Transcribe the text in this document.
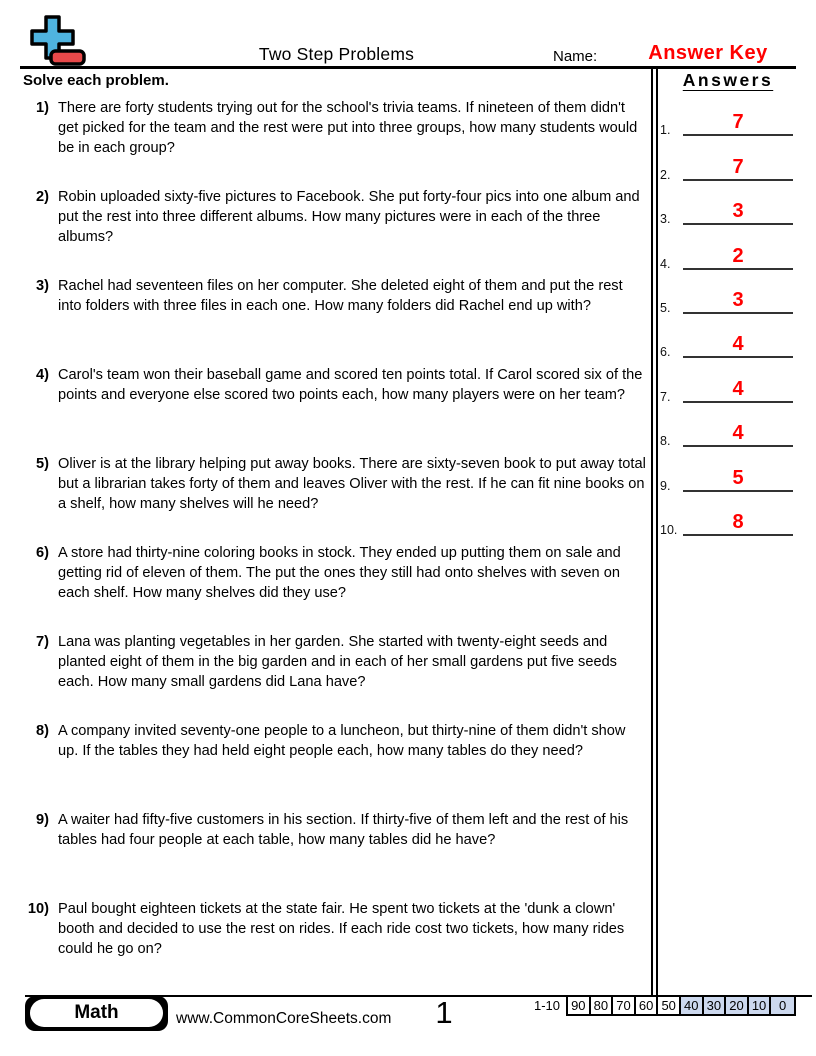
Two Step Problems	Name:	Answer Key
Solve each problem.
1) There are forty students trying out for the school's trivia teams. If nineteen of them didn't get picked for the team and the rest were put into three groups, how many students would be in each group?
2) Robin uploaded sixty-five pictures to Facebook. She put forty-four pics into one album and put the rest into three different albums. How many pictures were in each of the three albums?
3) Rachel had seventeen files on her computer. She deleted eight of them and put the rest into folders with three files in each one. How many folders did Rachel end up with?
4) Carol's team won their baseball game and scored ten points total. If Carol scored six of the points and everyone else scored two points each, how many players were on her team?
5) Oliver is at the library helping put away books. There are sixty-seven book to put away total but a librarian takes forty of them and leaves Oliver with the rest. If he can fit nine books on a shelf, how many shelves will he need?
6) A store had thirty-nine coloring books in stock. They ended up putting them on sale and getting rid of eleven of them. The put the ones they still had onto shelves with seven on each shelf. How many shelves did they use?
7) Lana was planting vegetables in her garden. She started with twenty-eight seeds and planted eight of them in the big garden and in each of her small gardens put five seeds each. How many small gardens did Lana have?
8) A company invited seventy-one people to a luncheon, but thirty-nine of them didn't show up. If the tables they had held eight people each, how many tables do they need?
9) A waiter had fifty-five customers in his section. If thirty-five of them left and the rest of his tables had four people at each table, how many tables did he have?
10) Paul bought eighteen tickets at the state fair. He spent two tickets at the 'dunk a clown' booth and decided to use the rest on rides. If each ride cost two tickets, how many rides could he go on?
Answers
1.	7
2.	7
3.	3
4.	2
5.	3
6.	4
7.	4
8.	4
9.	5
10.	8
Math	www.CommonCoreSheets.com	1	1-10 90 80 70 60 50 40 30 20 10 0
